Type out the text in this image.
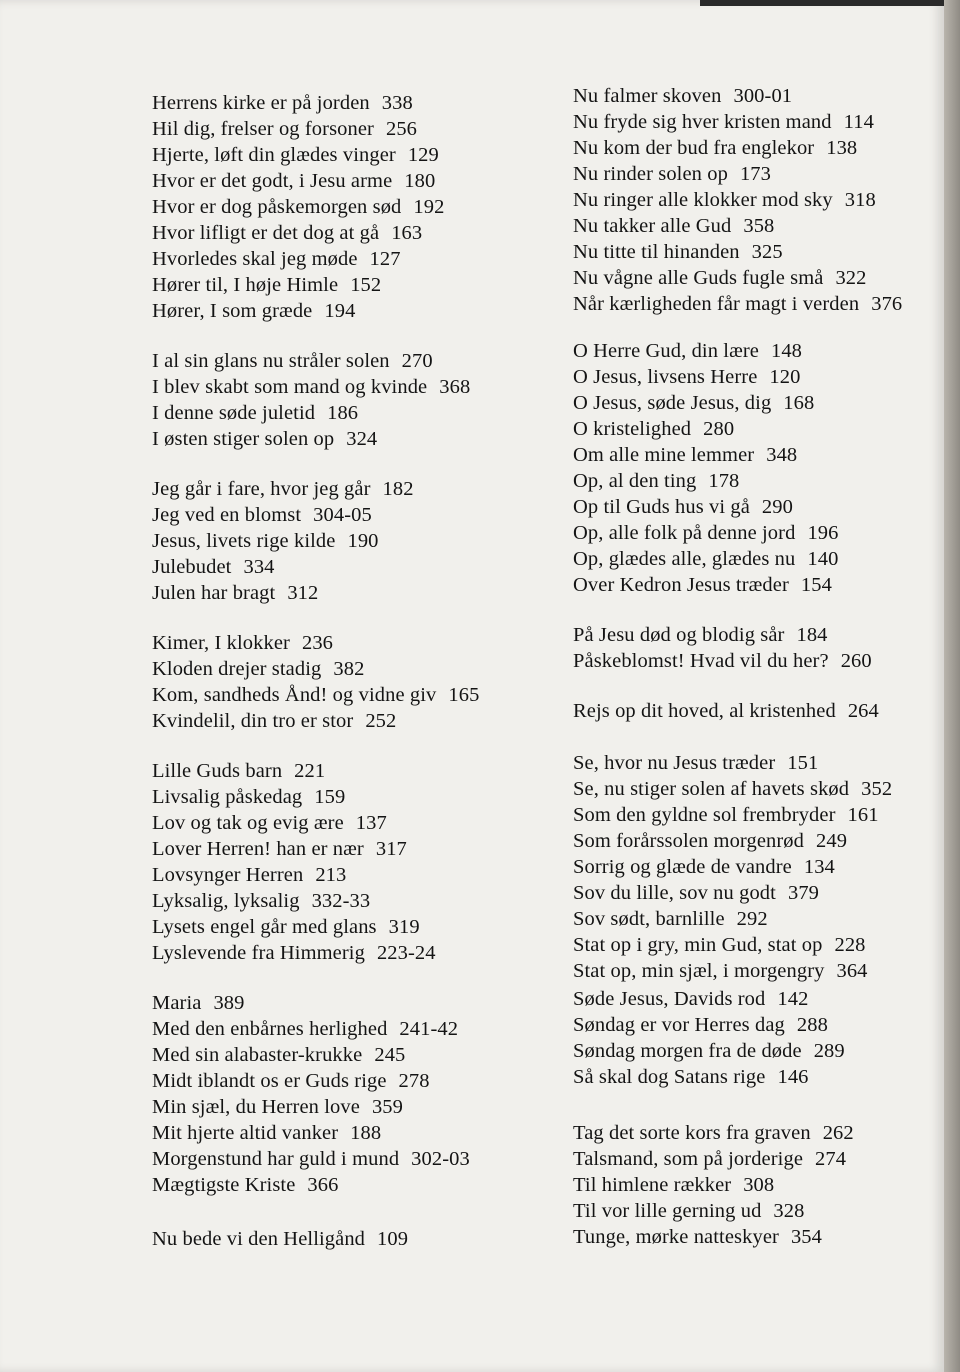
Herrens kirke er på jorden 338
Hil dig, frelser og forsoner 256
Hjerte, løft din glædes vinger 129
Hvor er det godt, i Jesu arme 180
Hvor er dog påskemorgen sød 192
Hvor lifligt er det dog at gå 163
Hvorledes skal jeg møde 127
Hører til, I høje Himle 152
Hører, I som græde 194
I al sin glans nu stråler solen 270
I blev skabt som mand og kvinde 368
I denne søde juletid 186
I østen stiger solen op 324
Jeg går i fare, hvor jeg går 182
Jeg ved en blomst 304-05
Jesus, livets rige kilde 190
Julebudet 334
Julen har bragt 312
Kimer, I klokker 236
Kloden drejer stadig 382
Kom, sandheds Ånd! og vidne giv 165
Kvindelil, din tro er stor 252
Lille Guds barn 221
Livsalig påskedag 159
Lov og tak og evig ære 137
Lover Herren! han er nær 317
Lovsynger Herren 213
Lyksalig, lyksalig 332-33
Lysets engel går med glans 319
Lyslevende fra Himmerig 223-24
Maria 389
Med den enbårnes herlighed 241-42
Med sin alabaster-krukke 245
Midt iblandt os er Guds rige 278
Min sjæl, du Herren love 359
Mit hjerte altid vanker 188
Morgenstund har guld i mund 302-03
Mægtigste Kriste 366
Nu bede vi den Helligånd 109
Nu falmer skoven 300-01
Nu fryde sig hver kristen mand 114
Nu kom der bud fra englekor 138
Nu rinder solen op 173
Nu ringer alle klokker mod sky 318
Nu takker alle Gud 358
Nu titte til hinanden 325
Nu vågne alle Guds fugle små 322
Når kærligheden får magt i verden 376
O Herre Gud, din lære 148
O Jesus, livsens Herre 120
O Jesus, søde Jesus, dig 168
O kristelighed 280
Om alle mine lemmer 348
Op, al den ting 178
Op til Guds hus vi gå 290
Op, alle folk på denne jord 196
Op, glædes alle, glædes nu 140
Over Kedron Jesus træder 154
På Jesu død og blodig sår 184
Påskeblomst! Hvad vil du her? 260
Rejs op dit hoved, al kristenhed 264
Se, hvor nu Jesus træder 151
Se, nu stiger solen af havets skød 352
Som den gyldne sol frembryder 161
Som forårssolen morgenrød 249
Sorrig og glæde de vandre 134
Sov du lille, sov nu godt 379
Sov sødt, barnlille 292
Stat op i gry, min Gud, stat op 228
Stat op, min sjæl, i morgengry 364
Søde Jesus, Davids rod 142
Søndag er vor Herres dag 288
Søndag morgen fra de døde 289
Så skal dog Satans rige 146
Tag det sorte kors fra graven 262
Talsmand, som på jorderige 274
Til himlene rækker 308
Til vor lille gerning ud 328
Tunge, mørke natteskyer 354
